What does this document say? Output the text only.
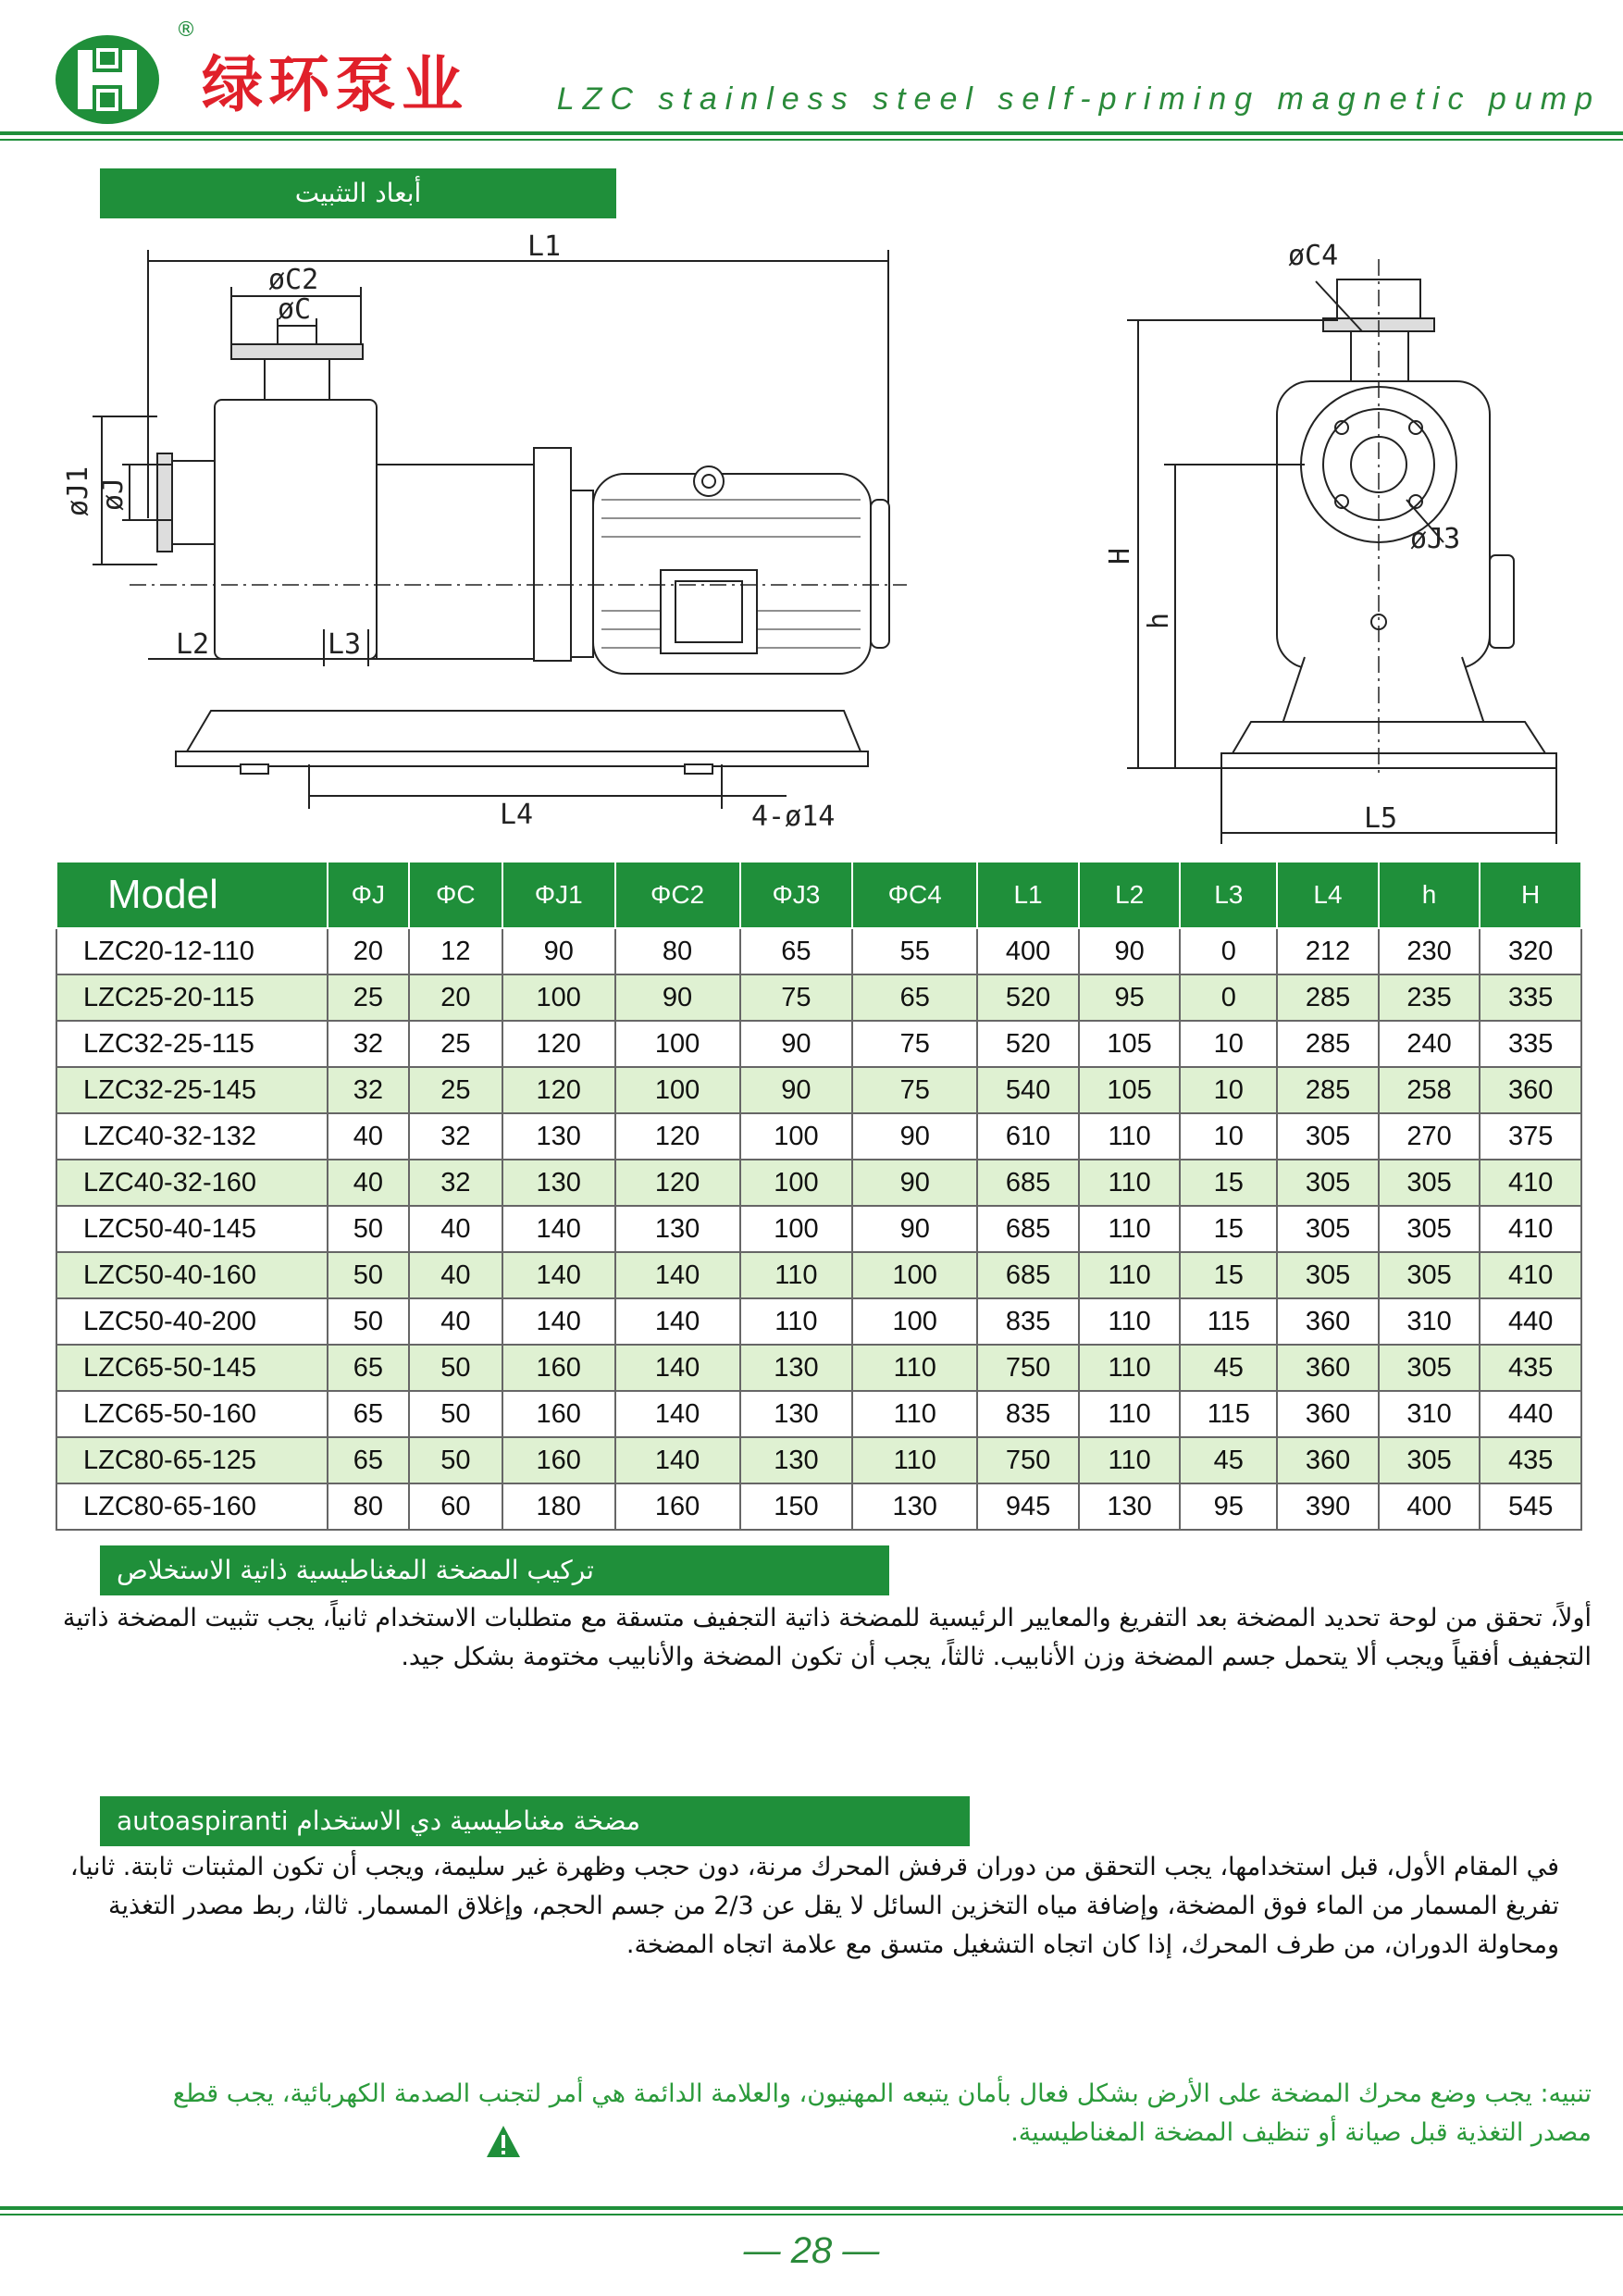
®
绿环泵业	LZC stainless steel self-priming magnetic pump
أبعاد التثبيت
L1
øC2
øC
øJ1 øJ
L2	L3
L4	4-ø14
øC4
øJ3
H
h
L5
Model	ΦJ	ΦC	ΦJ1	ΦC2	ΦJ3	ΦC4	L1	L2	L3	L4	h	H
LZC20-12-110	20	12	90	80	65	55	400	90	0	212	230	320
LZC25-20-115	25	20	100	90	75	65	520	95	0	285	235	335
LZC32-25-115	32	25	120	100	90	75	520	105	10	285	240	335
LZC32-25-145	32	25	120	100	90	75	540	105	10	285	258	360
LZC40-32-132	40	32	130	120	100	90	610	110	10	305	270	375
LZC40-32-160	40	32	130	120	100	90	685	110	15	305	305	410
LZC50-40-145	50	40	140	130	100	90	685	110	15	305	305	410
LZC50-40-160	50	40	140	140	110	100	685	110	15	305	305	410
LZC50-40-200	50	40	140	140	110	100	835	110	115	360	310	440
LZC65-50-145	65	50	160	140	130	110	750	110	45	360	305	435
LZC65-50-160	65	50	160	140	130	110	835	110	115	360	310	440
LZC80-65-125	65	50	160	140	130	110	750	110	45	360	305	435
LZC80-65-160	80	60	180	160	150	130	945	130	95	390	400	545
تركيب المضخة المغناطيسية ذاتية الاستخلاص
أولاً، تحقق من لوحة تحديد المضخة بعد التفريغ والمعايير الرئيسية للمضخة ذاتية التجفيف متسقة مع متطلبات الاستخدام ثانياً، يجب تثبيت المضخة ذاتية التجفيف أفقياً ويجب ألا يتحمل جسم المضخة وزن الأنابيب. ثالثاً، يجب أن تكون المضخة والأنابيب مختومة بشكل جيد.
autoaspiranti مضخة مغناطيسية دي الاستخدام
في المقام الأول، قبل استخدامها، يجب التحقق من دوران قرفش المحرك مرنة، دون حجب وظهرة غير سليمة، ويجب أن تكون المثبتات ثابتة. ثانيا، تفريغ المسمار من الماء فوق المضخة، وإضافة مياه التخزين السائل لا يقل عن 2/3 من جسم الحجم، وإغلاق المسمار. ثالثا، ربط مصدر التغذية ومحاولة الدوران، من طرف المحرك، إذا كان اتجاه التشغيل متسق مع علامة اتجاه المضخة.
تنبيه: يجب وضع محرك المضخة على الأرض بشكل فعال بأمان يتبعه المهنيون، والعلامة الدائمة هي أمر لتجنب الصدمة الكهربائية، يجب قطع مصدر التغذية قبل صيانة أو تنظيف المضخة المغناطيسية.
— 28 —
